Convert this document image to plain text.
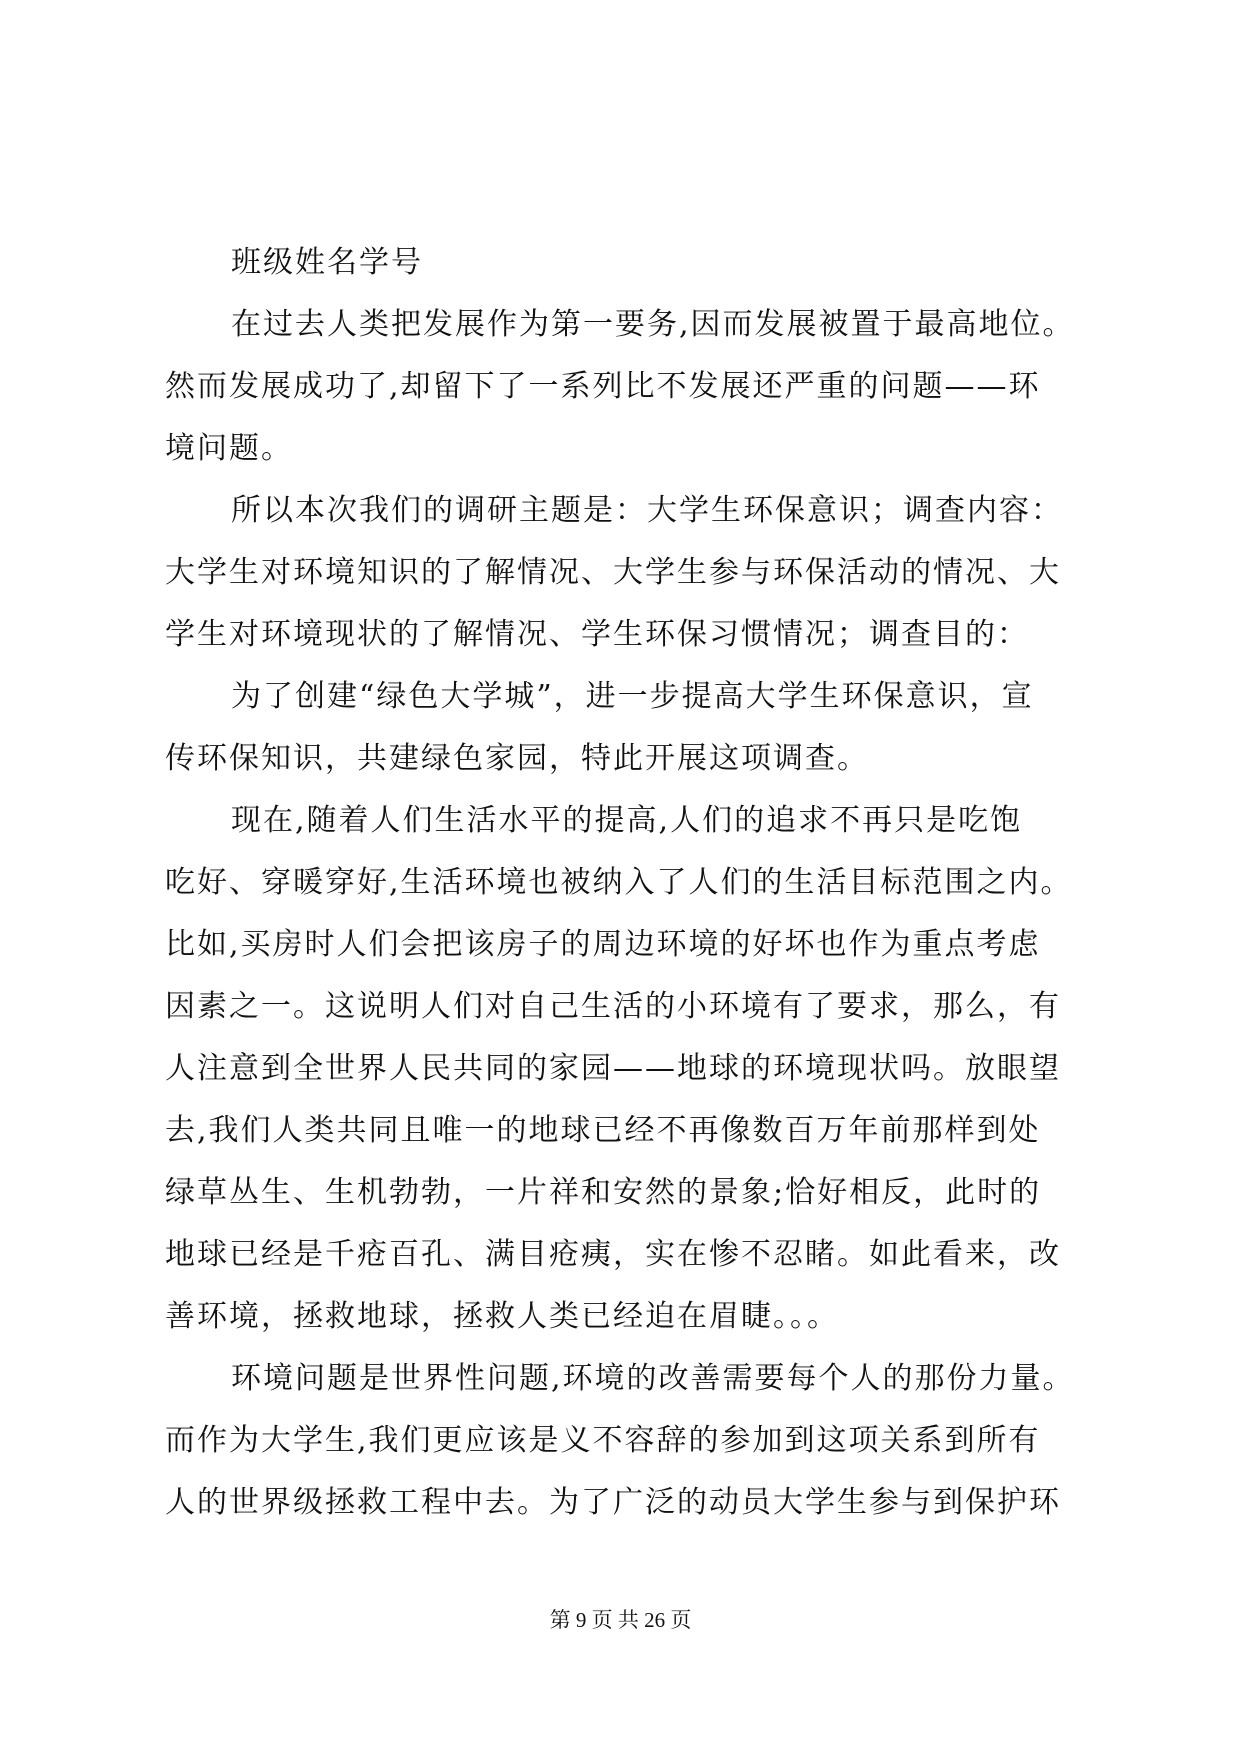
班级姓名学号
在过去人类把发展作为第一要务,因而发展被置于最高地位。
然而发展成功了,却留下了一系列比不发展还严重的问题——环
境问题。
所以本次我们的调研主题是：大学生环保意识；调查内容：
大学生对环境知识的了解情况、大学生参与环保活动的情况、大
学生对环境现状的了解情况、学生环保习惯情况；调查目的：
为了创建“绿色大学城”，进一步提高大学生环保意识，宣
传环保知识，共建绿色家园，特此开展这项调查。
现在,随着人们生活水平的提高,人们的追求不再只是吃饱
吃好、穿暖穿好,生活环境也被纳入了人们的生活目标范围之内。
比如,买房时人们会把该房子的周边环境的好坏也作为重点考虑
因素之一。这说明人们对自己生活的小环境有了要求，那么，有
人注意到全世界人民共同的家园——地球的环境现状吗。放眼望
去,我们人类共同且唯一的地球已经不再像数百万年前那样到处
绿草丛生、生机勃勃，一片祥和安然的景象;恰好相反，此时的
地球已经是千疮百孔、满目疮痍，实在惨不忍睹。如此看来，改
善环境，拯救地球，拯救人类已经迫在眉睫。。。
环境问题是世界性问题,环境的改善需要每个人的那份力量。
而作为大学生,我们更应该是义不容辞的参加到这项关系到所有
人的世界级拯救工程中去。为了广泛的动员大学生参与到保护环
第 9 页 共 26 页
